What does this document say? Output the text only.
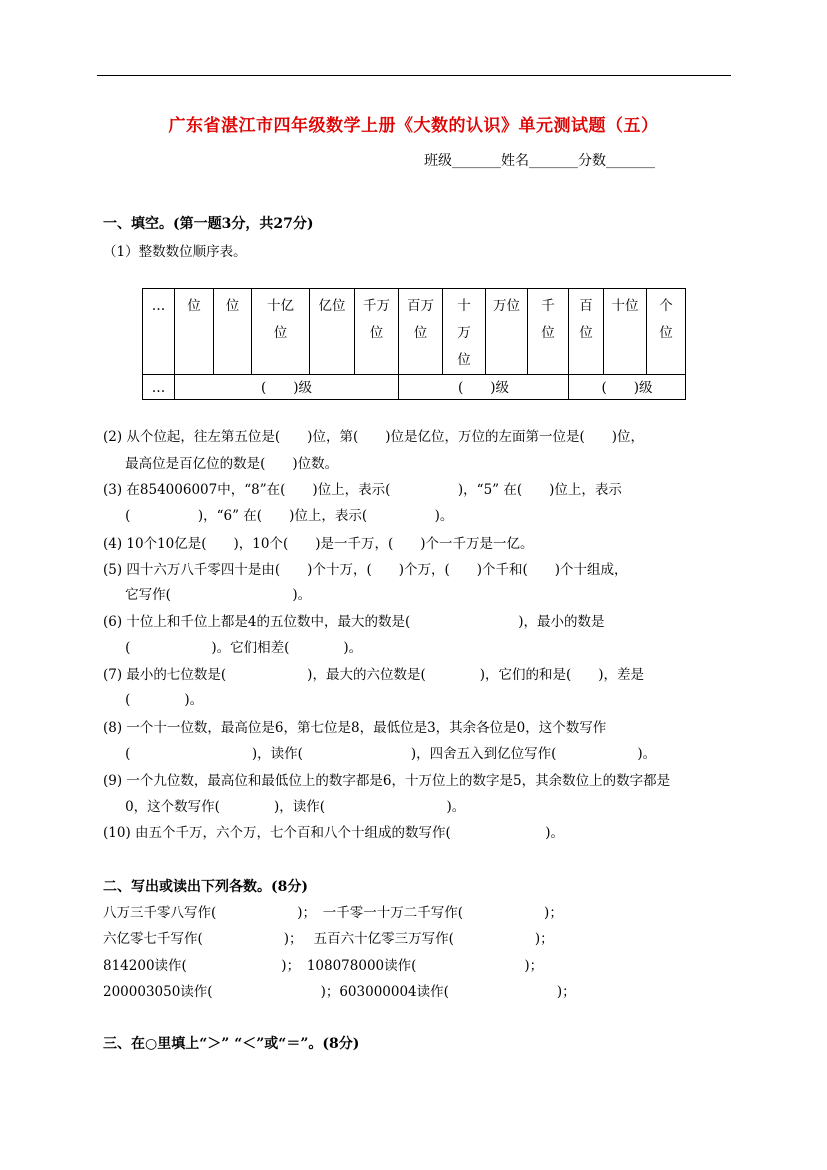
广东省湛江市四年级数学上册《大数的认识》单元测试题（五）
班级_______姓名_______分数_______
一、填空。(第一题3分，共27分)
（1）整数数位顺序表。
…	位	位	十亿位	亿位	千万位	百万位	十万位	万位	千位	百位	十位	个位
…	(　　)级					(　　)级				(　　)级		
(2) 从个位起，往左第五位是(　　)位，第(　　)位是亿位，万位的左面第一位是(　　)位，
　  最高位是百亿位的数是(　　)位数。
(3) 在854006007中，“8”在(　　)位上，表示(　　　　　)，“5” 在(　　)位上，表示
　  (　　　　　)，“6” 在(　　)位上，表示(　　　　　)。
(4) 10个10亿是(　　)，10个(　　)是一千万，(　　)个一千万是一亿。
(5) 四十六万八千零四十是由(　　)个十万，(　　)个万，(　　)个千和(　　)个十组成，
　  它写作(　　　　　　　　　)。
(6) 十位上和千位上都是4的五位数中，最大的数是(　　　　　　　　)，最小的数是
　  (　　　　　　)。它们相差(　　　　)。
(7) 最小的七位数是(　　　　　　)，最大的六位数是(　　　　)，它们的和是(　　)，差是
　  (　　　　)。
(8) 一个十一位数，最高位是6，第七位是8，最低位是3，其余各位是0，这个数写作
　  (　　　　　　　　　)，读作(　　　　　　　　)，四舍五入到亿位写作(　　　　　　)。
(9) 一个九位数，最高位和最低位上的数字都是6，十万位上的数字是5，其余数位上的数字都是
　  0，这个数写作(　　　　)，读作(　　　　　　　　　)。
(10) 由五个千万，六个万，七个百和八个十组成的数写作(　　　　　　　)。
二、写出或读出下列各数。(8分)
八万三千零八写作(　　　　　　)；　一千零一十万二千写作(　　　　　　)；
六亿零七千写作(　　　　　　)；　 五百六十亿零三万写作(　　　　　　)；
814200读作(　　　　　　　)；　108078000读作(　　　　　　　　)；
200003050读作(　　　　　　　　)；603000004读作(　　　　　　　　)；
三、在○里填上“＞” “＜”或“＝”。(8分)
